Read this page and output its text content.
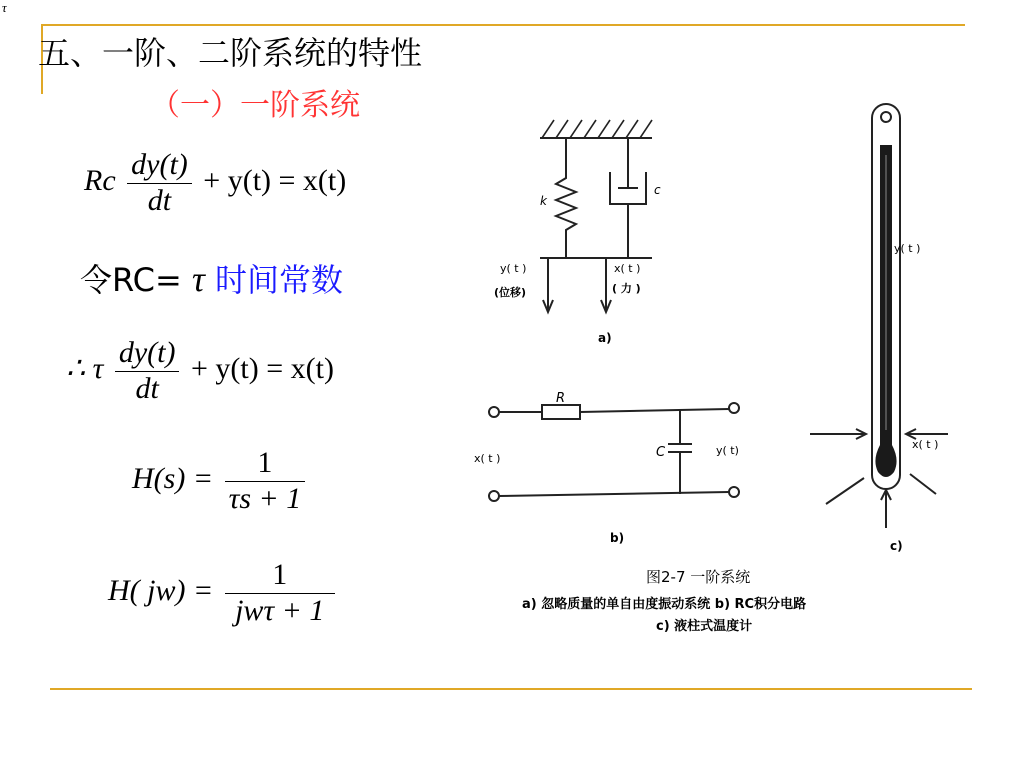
τ
五、一阶、二阶系统的特性
（一）一阶系统
Rc $\frac{dy(t)}{dt} + y(t) = x(t)$
令RC= τ 时间常数
∴ τ $\frac{dy(t)}{dt} + y(t) = x(t)$
$H(s) = \frac{1}{\tau s + 1}$
H( $jw) = \frac{1}{\text{jwτ + 1}}$
k
c
y( t )
(位移)
x( t )
( 力 )
a)
R
C
x( t )
y( t)
b)
y( t )
x( t )
c)
图2-7 一阶系统
a) 忽略质量的单自由度振动系统 b) RC积分电路
c) 液柱式温度计
